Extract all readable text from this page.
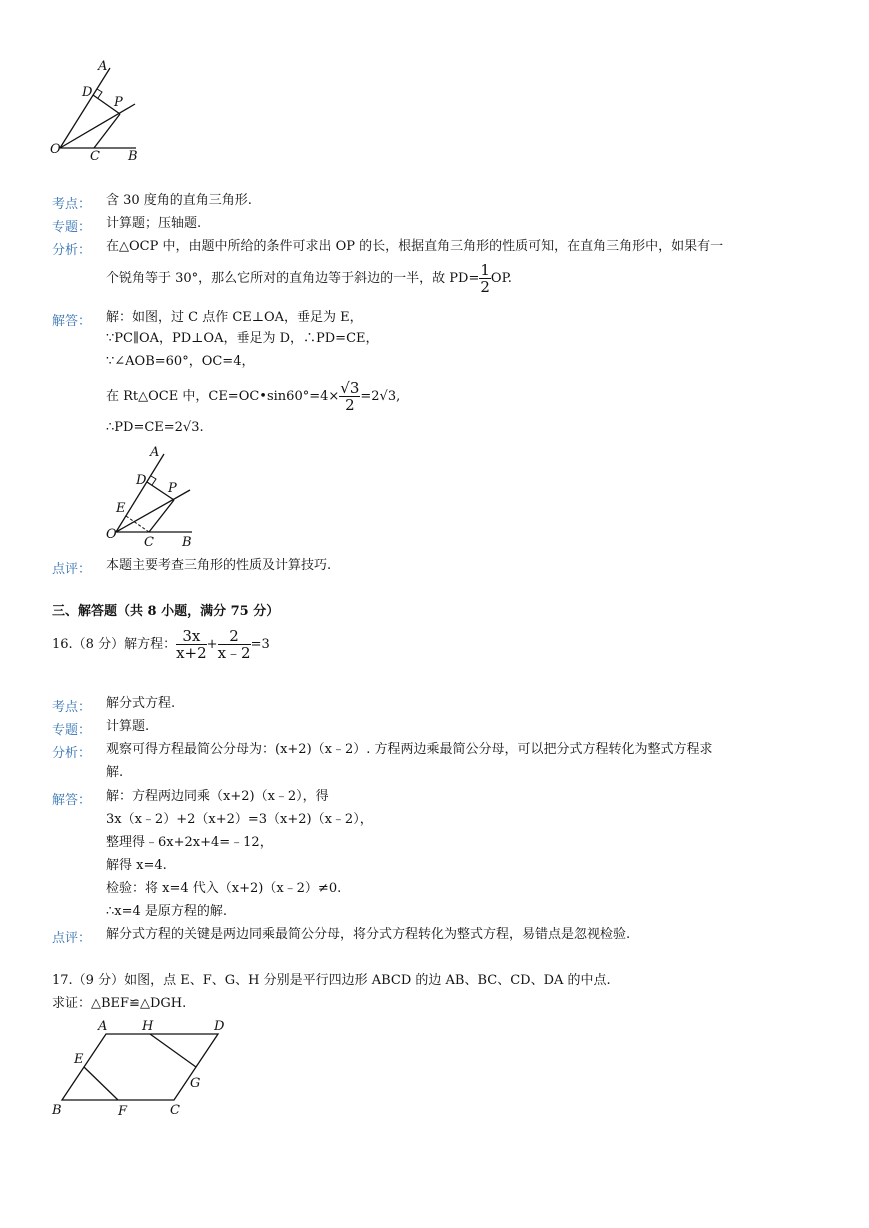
A
D
P
O C B
考点： 含 30 度角的直角三角形.
专题： 计算题；压轴题.
分析： 在△OCP 中，由题中所给的条件可求出 OP 的长，根据直角三角形的性质可知，在直角三角形中，如果有一
个锐角等于 30°，那么它所对的直角边等于斜边的一半，故 $PD= \frac{1}{2}$ OP.
解答： 解：如图，过 C 点作 CE⊥OA，垂足为 E，
∵PC∥OA，PD⊥OA，垂足为 D，∴PD=CE，
∵∠AOB=60°，OC=4，
在 Rt△OCE 中，CE=OC•sin60°=4× $\frac{√3}{2} =2√3$,
∴PD=CE=2√3.
A
D
P
E
O
C B
点评： 本题主要考查三角形的性质及计算技巧.
三、解答题（共 8 小题，满分 75 分）
16.（8 分）解方程： $\frac{3x}{x+2} + \frac{2}{x﹣2} =3$
考点： 解分式方程.
专题： 计算题.
分析： 观察可得方程最简公分母为：(x+2)（x﹣2）. 方程两边乘最简公分母，可以把分式方程转化为整式方程求
解.
解答： 解：方程两边同乘（x+2)（x﹣2），得
3x（x﹣2）+2（x+2）=3（x+2)（x﹣2），
整理得﹣6x+2x+4=﹣12，
解得 x=4.
检验：将 x=4 代入（x+2)（x﹣2）≠0.
∴x=4 是原方程的解.
点评： 解分式方程的关键是两边同乘最简公分母，将分式方程转化为整式方程，易错点是忽视检验.
17.（9 分）如图，点 E、F、G、H 分别是平行四边形 ABCD 的边 AB、BC、CD、DA 的中点.
求证：△BEF≌△DGH.
A	H	D
E
G
B	F	C
